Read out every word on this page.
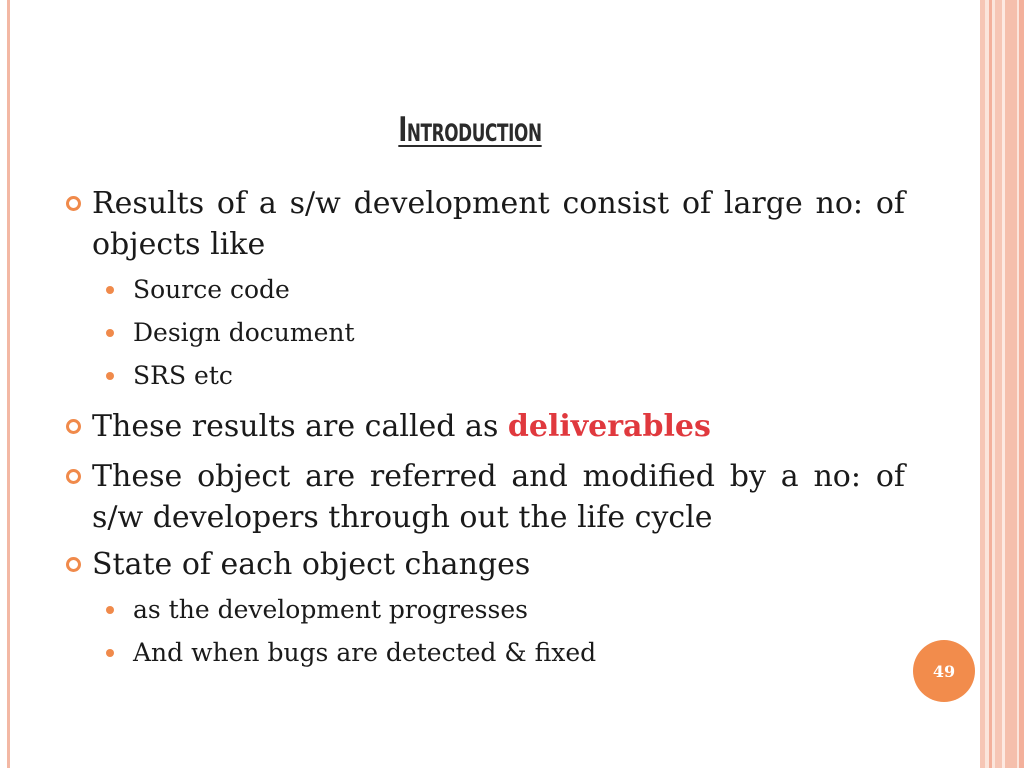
Introduction
Results of a s/w development consist of large no: of objects like
Source code
Design document
SRS etc
These results are called as deliverables
These object are referred and modified by a no: of s/w developers through out the life cycle
State of each object changes
as the development progresses
And when bugs are detected & fixed
49
